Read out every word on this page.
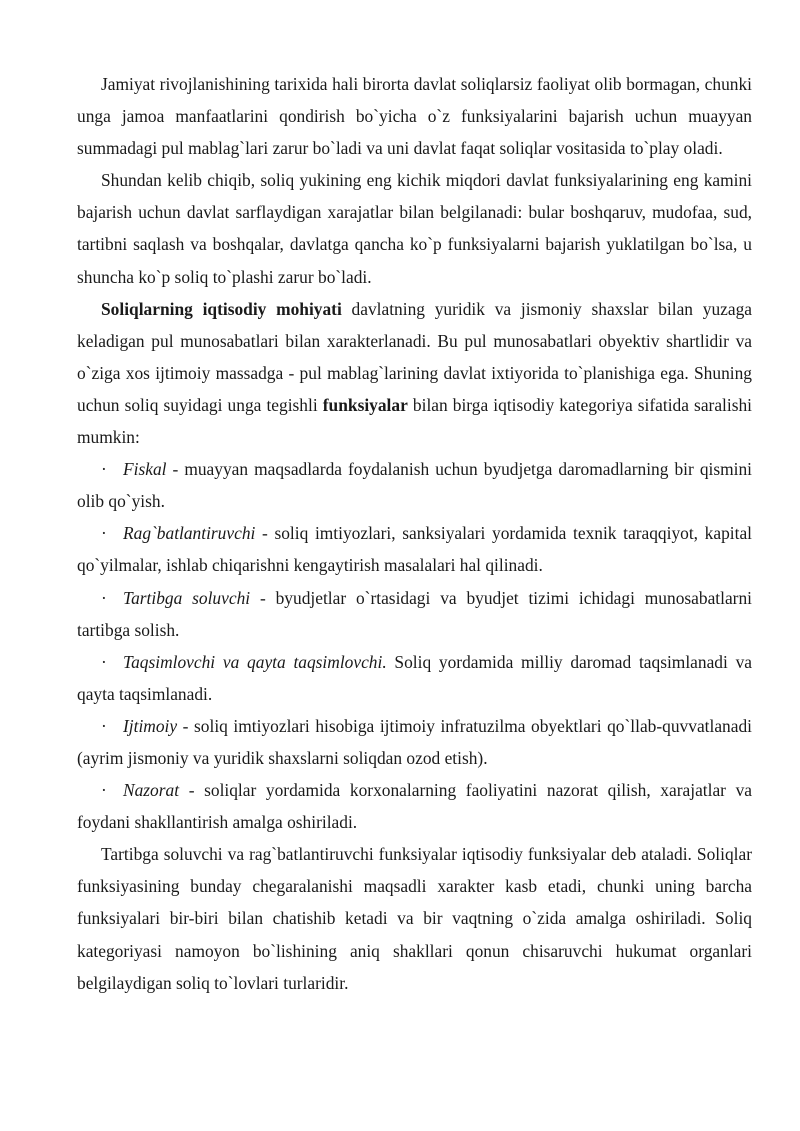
Jamiyat rivojlanishining tarixida hali birorta davlat soliqlarsiz faoliyat olib bormagan, chunki unga jamoa manfaatlarini qondirish bo`yicha o`z funksiyalarini bajarish uchun muayyan summadagi pul mablag`lari zarur bo`ladi va uni davlat faqat soliqlar vositasida to`play oladi.

Shundan kelib chiqib, soliq yukining eng kichik miqdori davlat funksiyalarining eng kamini bajarish uchun davlat sarflaydigan xarajatlar bilan belgilanadi: bular boshqaruv, mudofaa, sud, tartibni saqlash va boshqalar, davlatga qancha ko`p funksiyalarni bajarish yuklatilgan bo`lsa, u shuncha ko`p soliq to`plashi zarur bo`ladi.

Soliqlarning iqtisodiy mohiyati davlatning yuridik va jismoniy shaxslar bilan yuzaga keladigan pul munosabatlari bilan xarakterlanadi. Bu pul munosabatlari obyektiv shartlidir va o`ziga xos ijtimoiy massadga - pul mablag`larining davlat ixtiyorida to`planishiga ega. Shuning uchun soliq suyidagi unga tegishli funksiyalar bilan birga iqtisodiy kategoriya sifatida saralishi mumkin:

· Fiskal - muayyan maqsadlarda foydalanish uchun byudjetga daromadlarning bir qismini olib qo`yish.

· Rag`batlantiruvchi - soliq imtiyozlari, sanksiyalari yordamida texnik taraqqiyot, kapital qo`yilmalar, ishlab chiqarishni kengaytirish masalalari hal qilinadi.

· Tartibga soluvchi - byudjetlar o`rtasidagi va byudjet tizimi ichidagi munosabatlarni tartibga solish.

· Taqsimlovchi va qayta taqsimlovchi. Soliq yordamida milliy daromad taqsimlanadi va qayta taqsimlanadi.

· Ijtimoiy - soliq imtiyozlari hisobiga ijtimoiy infratuzilma obyektlari qo`llab-quvvatlanadi (ayrim jismoniy va yuridik shaxslarni soliqdan ozod etish).

· Nazorat - soliqlar yordamida korxonalarning faoliyatini nazorat qilish, xarajatlar va foydani shakllantirish amalga oshiriladi.

Tartibga soluvchi va rag`batlantiruvchi funksiyalar iqtisodiy funksiyalar deb ataladi. Soliqlar funksiyasining bunday chegaralanishi maqsadli xarakter kasb etadi, chunki uning barcha funksiyalari bir-biri bilan chatishib ketadi va bir vaqtning o`zida amalga oshiriladi. Soliq kategoriyasi namoyon bo`lishining aniq shakllari qonun chisaruvchi hukumat organlari belgilaydigan soliq to`lovlari turlaridir.
